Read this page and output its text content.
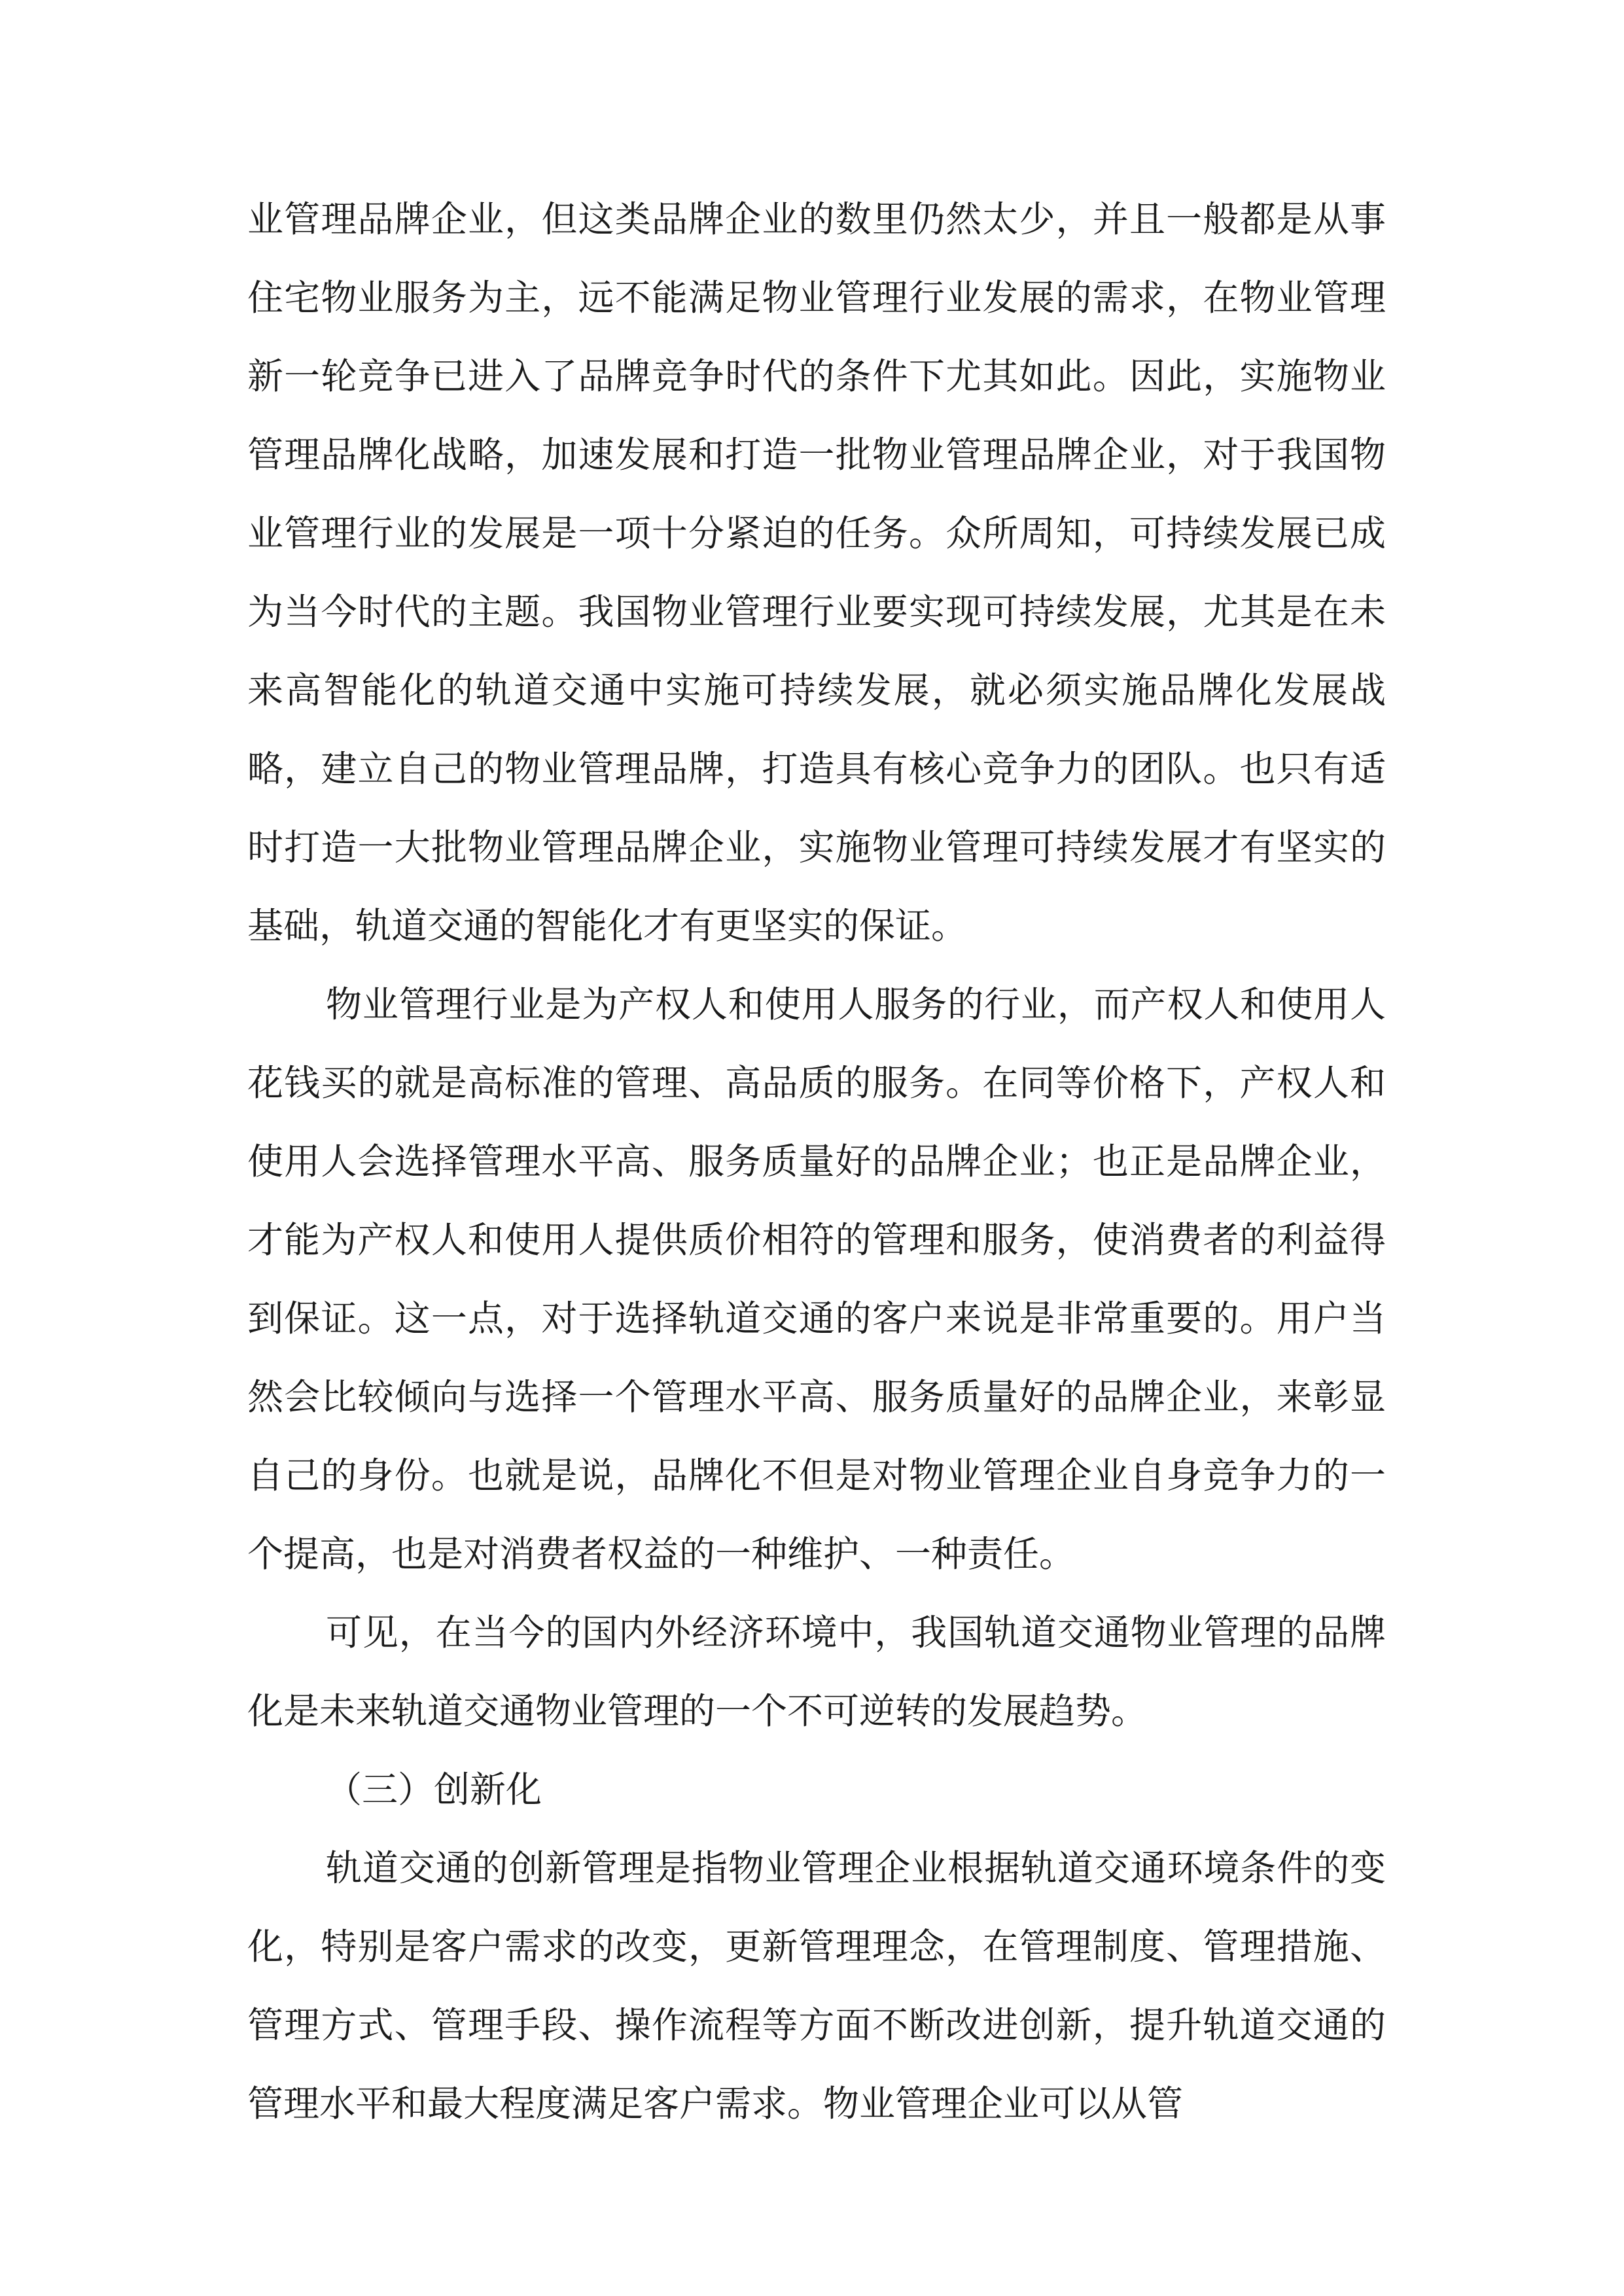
业管理品牌企业，但这类品牌企业的数里仍然太少，并且一般都是从事住宅物业服务为主，远不能满足物业管理行业发展的需求，在物业管理新一轮竞争已进入了品牌竞争时代的条件下尤其如此。因此，实施物业管理品牌化战略，加速发展和打造一批物业管理品牌企业，对于我国物业管理行业的发展是一项十分紧迫的任务。众所周知，可持续发展已成为当今时代的主题。我国物业管理行业要实现可持续发展，尤其是在未来高智能化的轨道交通中实施可持续发展，就必须实施品牌化发展战略，建立自己的物业管理品牌，打造具有核心竞争力的团队。也只有适时打造一大批物业管理品牌企业，实施物业管理可持续发展才有坚实的基础，轨道交通的智能化才有更坚实的保证。

物业管理行业是为产权人和使用人服务的行业，而产权人和使用人花钱买的就是高标准的管理、高品质的服务。在同等价格下，产权人和使用人会选择管理水平高、服务质量好的品牌企业；也正是品牌企业，才能为产权人和使用人提供质价相符的管理和服务，使消费者的利益得到保证。这一点，对于选择轨道交通的客户来说是非常重要的。用户当然会比较倾向与选择一个管理水平高、服务质量好的品牌企业，来彰显自己的身份。也就是说，品牌化不但是对物业管理企业自身竞争力的一个提高，也是对消费者权益的一种维护、一种责任。

可见，在当今的国内外经济环境中，我国轨道交通物业管理的品牌化是未来轨道交通物业管理的一个不可逆转的发展趋势。

（三）创新化

轨道交通的创新管理是指物业管理企业根据轨道交通环境条件的变化，特别是客户需求的改变，更新管理理念，在管理制度、管理措施、管理方式、管理手段、操作流程等方面不断改进创新，提升轨道交通的管理水平和最大程度满足客户需求。物业管理企业可以从管
